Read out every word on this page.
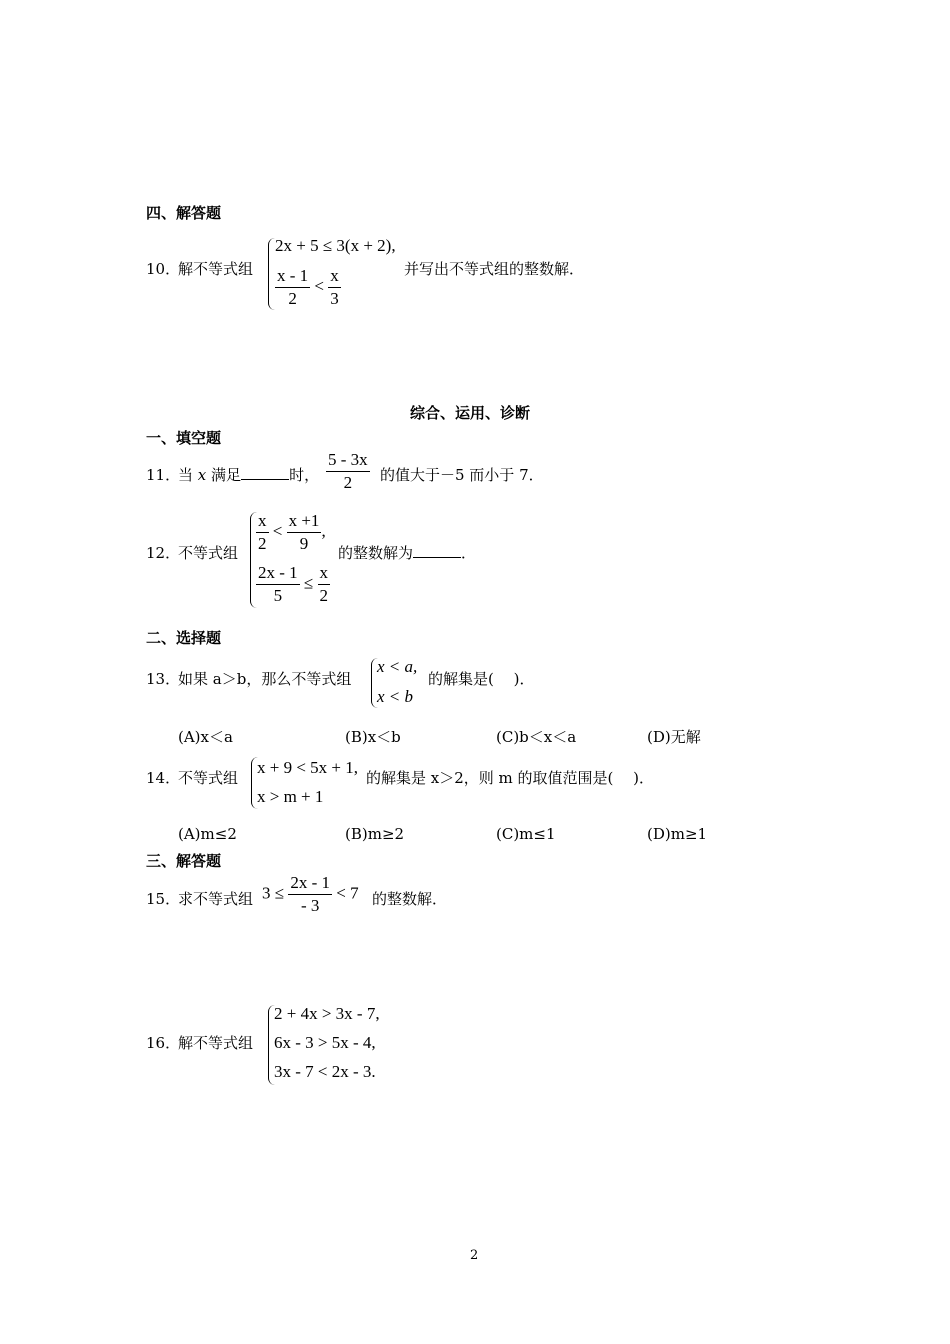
四、解答题
10．
解不等式组
2x + 5 ≤ 3(x + 2),
$\frac{x - 1}{2} < \frac{x}{3}$	并写出不等式组的整数解．
综合、运用、诊断
一、填空题
11．
当 x 满足	时， $\frac{5 - 3x}{2}$ 的值大于－5 而小于 7．
12．
不等式组 $\frac{x}{2} < \frac{x +1}{9}$ ,
$\frac{2x - 1}{5} \le \frac{x}{2}$
的整数解为	．
二、选择题
13．
如果 a＞b，那么不等式组
x < a,
x < b
的解集是(　 )．
(A)x＜a	(B)x＜b	(C)b＜x＜a	(D)无解
14．
不等式组
x + 9 < 5x + 1,
x > m + 1
的解集是 x＞2，则 m 的取值范围是(　 )．
(A)m≤2	(B)m≥2	(C)m≤1	(D)m≥1
三、解答题
15．
求不等式组 $3 \le \frac{2x - 1}{- 3} < 7$ 的整数解．
16．
解不等式组
2 + 4x > 3x - 7,
6x - 3 > 5x - 4,
3x - 7 < 2x - 3.
2
